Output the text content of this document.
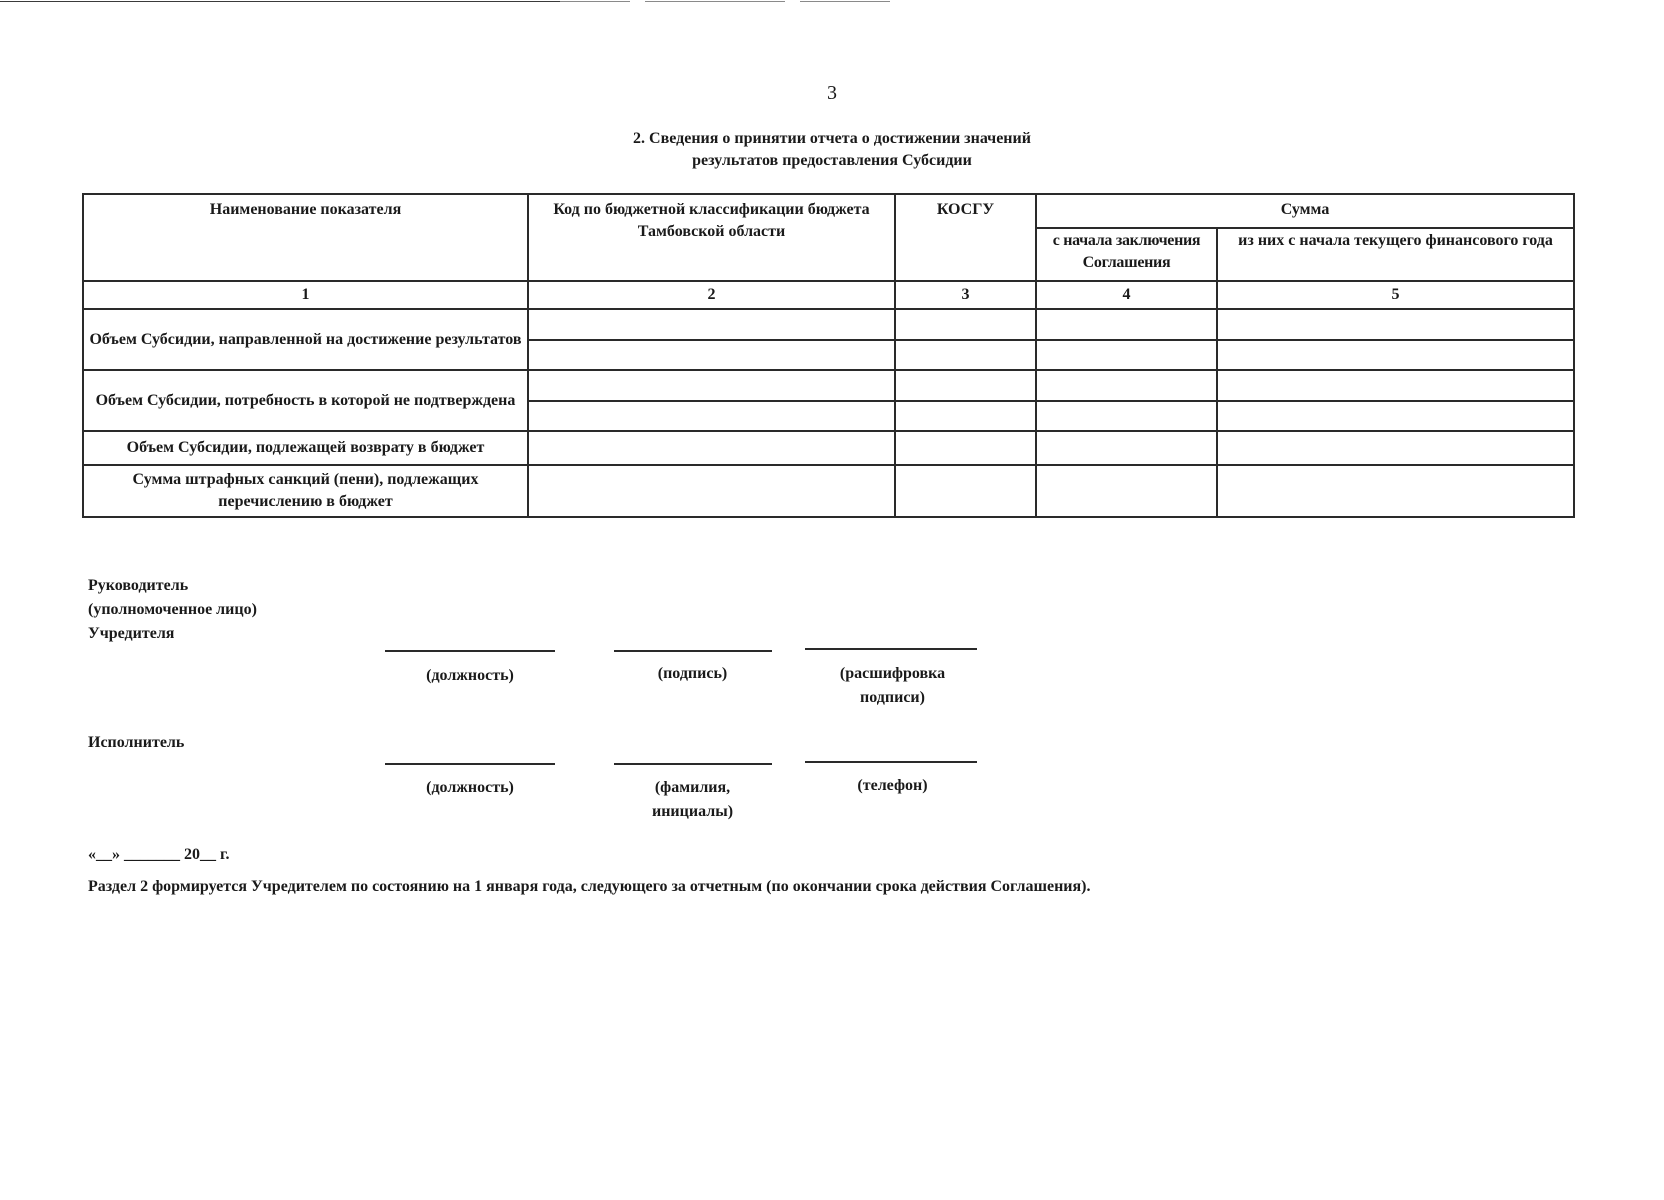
3
2. Сведения о принятии отчета о достижении значений
результатов предоставления Субсидии
Наименование показателя	Код по бюджетной классификации бюджета Тамбовской области	КОСГУ	Сумма	
			с начала заключения Соглашения	из них с начала текущего финансового года
1	2	3	4	5
Объем Субсидии, направленной на достижение результатов				

Объем Субсидии, потребность в которой не подтверждена				

Объем Субсидии, подлежащей возврату в бюджет				
Сумма штрафных санкций (пени), подлежащих перечислению в бюджет				
Руководитель
(уполномоченное лицо)
Учредителя
(должность)	(подпись)	(расшифровка подписи)
Исполнитель
(должность)	(фамилия, инициалы)
(телефон)
«__» _______ 20__ г.
Раздел 2 формируется Учредителем по состоянию на 1 января года, следующего за отчетным (по окончании срока действия Соглашения).
